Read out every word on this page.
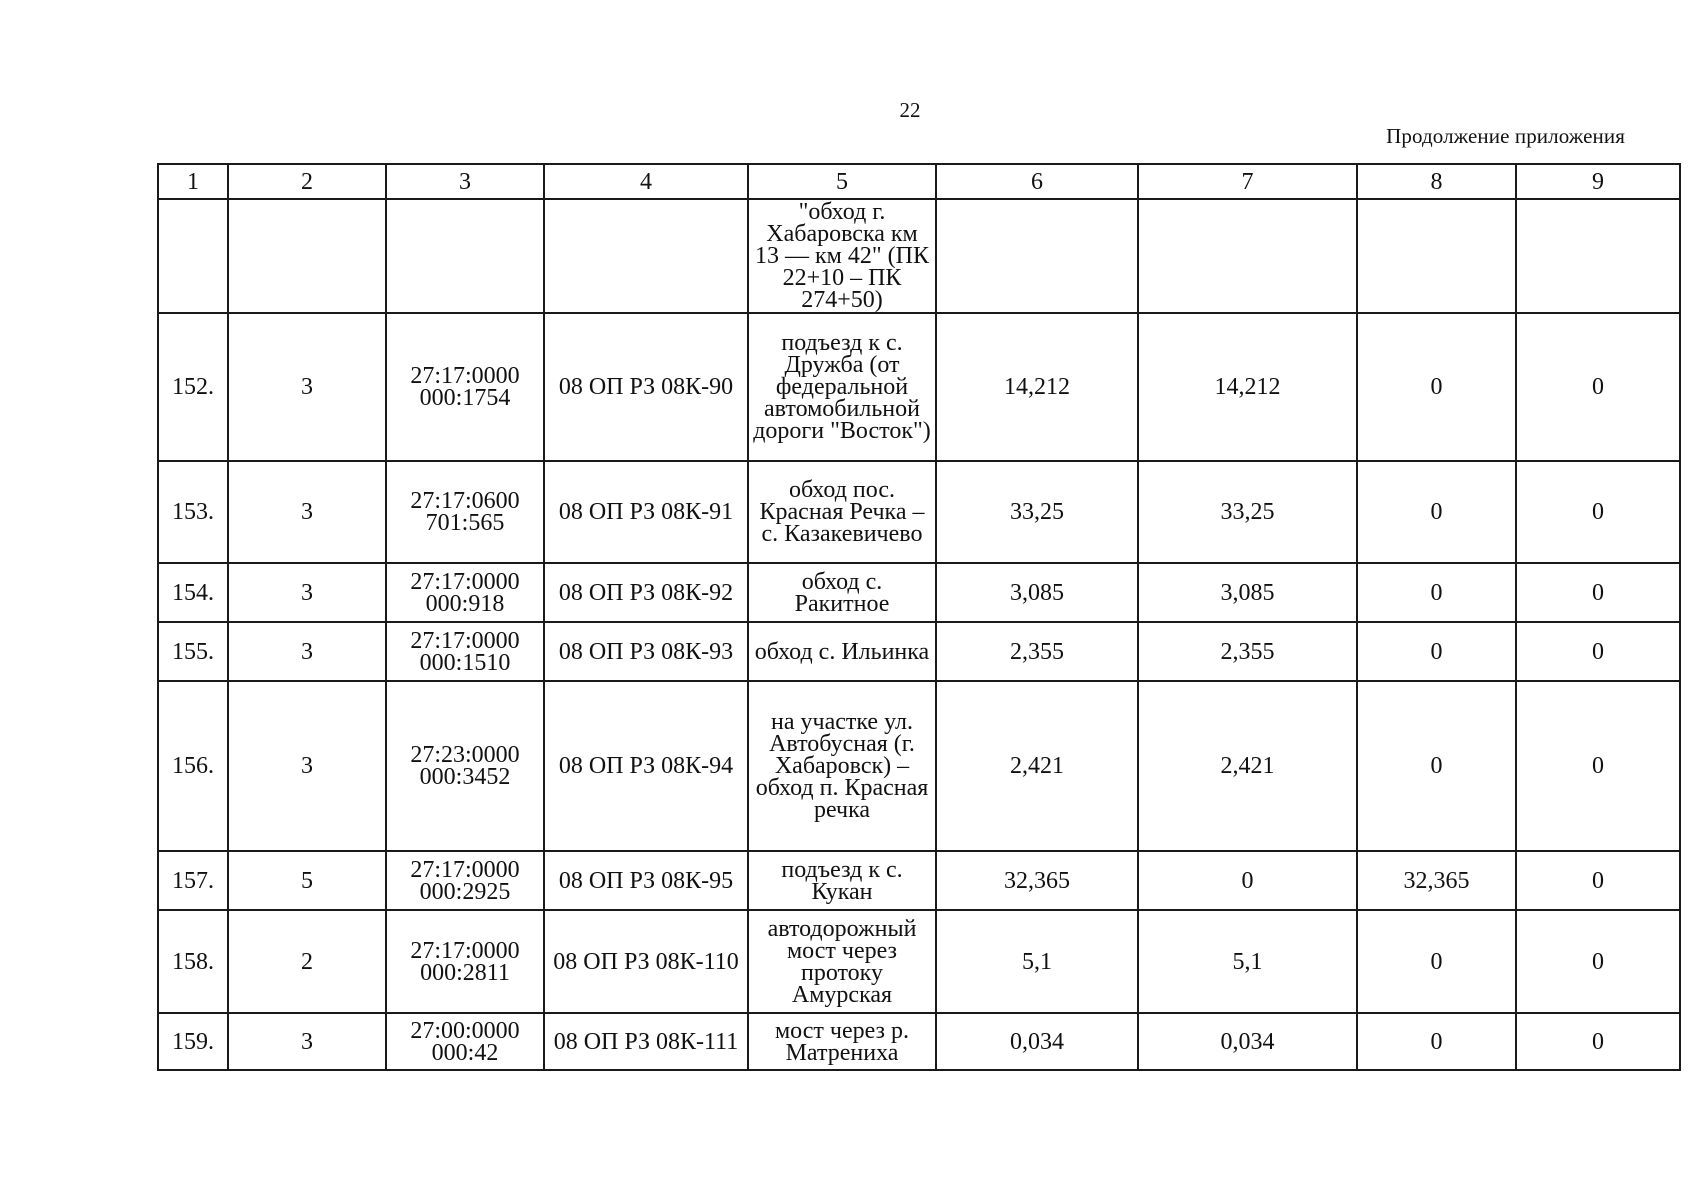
22
Продолжение приложения
1	2	3	4	5	6	7	8	9
				"обход г. Хабаровска км 13 — км 42" (ПК 22+10 – ПК 274+50)				
152.	3	27:17:0000 000:1754	08 ОП РЗ 08К-90	подъезд к с. Дружба (от федеральной автомобильной дороги "Восток")	14,212	14,212	0	0
153.	3	27:17:0600 701:565	08 ОП РЗ 08К-91	обход пос. Красная Речка – с. Казакевичево	33,25	33,25	0	0
154.	3	27:17:0000 000:918	08 ОП РЗ 08К-92	обход с. Ракитное	3,085	3,085	0	0
155.	3	27:17:0000 000:1510	08 ОП РЗ 08К-93	обход с. Ильинка	2,355	2,355	0	0
156.	3	27:23:0000 000:3452	08 ОП РЗ 08К-94	на участке ул. Автобусная (г. Хабаровск) – обход п. Красная речка	2,421	2,421	0	0
157.	5	27:17:0000 000:2925	08 ОП РЗ 08К-95	подъезд к с. Кукан	32,365	0	32,365	0
158.	2	27:17:0000 000:2811	08 ОП РЗ 08К-110	автодорожный мост через протоку Амурская	5,1	5,1	0	0
159.	3	27:00:0000 000:42	08 ОП РЗ 08К-111	мост через р. Матрениха	0,034	0,034	0	0
